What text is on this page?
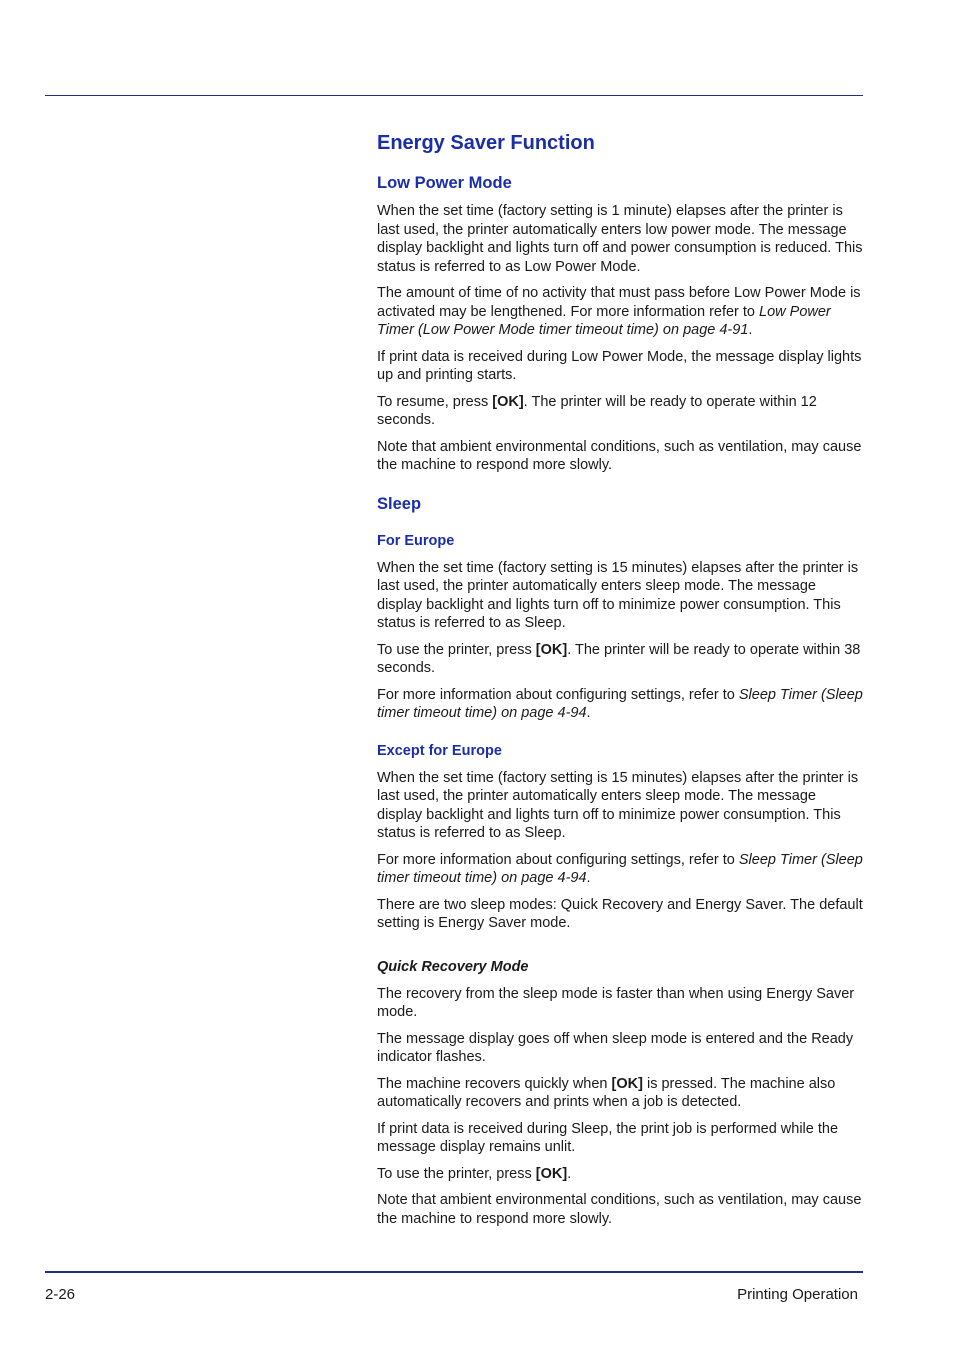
Energy Saver Function
Low Power Mode

When the set time (factory setting is 1 minute) elapses after the printer is last used, the printer automatically enters low power mode. The message display backlight and lights turn off and power consumption is reduced. This status is referred to as Low Power Mode.

The amount of time of no activity that must pass before Low Power Mode is activated may be lengthened. For more information refer to Low Power Timer (Low Power Mode timer timeout time) on page 4-91.

If print data is received during Low Power Mode, the message display lights up and printing starts.

To resume, press [OK]. The printer will be ready to operate within 12 seconds.

Note that ambient environmental conditions, such as ventilation, may cause the machine to respond more slowly.

Sleep
For Europe

When the set time (factory setting is 15 minutes) elapses after the printer is last used, the printer automatically enters sleep mode. The message display backlight and lights turn off to minimize power consumption. This status is referred to as Sleep.

To use the printer, press [OK]. The printer will be ready to operate within 38 seconds.

For more information about configuring settings, refer to Sleep Timer (Sleep timer timeout time) on page 4-94.

Except for Europe

When the set time (factory setting is 15 minutes) elapses after the printer is last used, the printer automatically enters sleep mode. The message display backlight and lights turn off to minimize power consumption. This status is referred to as Sleep.

For more information about configuring settings, refer to Sleep Timer (Sleep timer timeout time) on page 4-94.

There are two sleep modes: Quick Recovery and Energy Saver. The default setting is Energy Saver mode.

Quick Recovery Mode

The recovery from the sleep mode is faster than when using Energy Saver mode.

The message display goes off when sleep mode is entered and the Ready indicator flashes.

The machine recovers quickly when [OK] is pressed. The machine also automatically recovers and prints when a job is detected.

If print data is received during Sleep, the print job is performed while the message display remains unlit.

To use the printer, press [OK].

Note that ambient environmental conditions, such as ventilation, may cause the machine to respond more slowly.

2-26	Printing Operation
